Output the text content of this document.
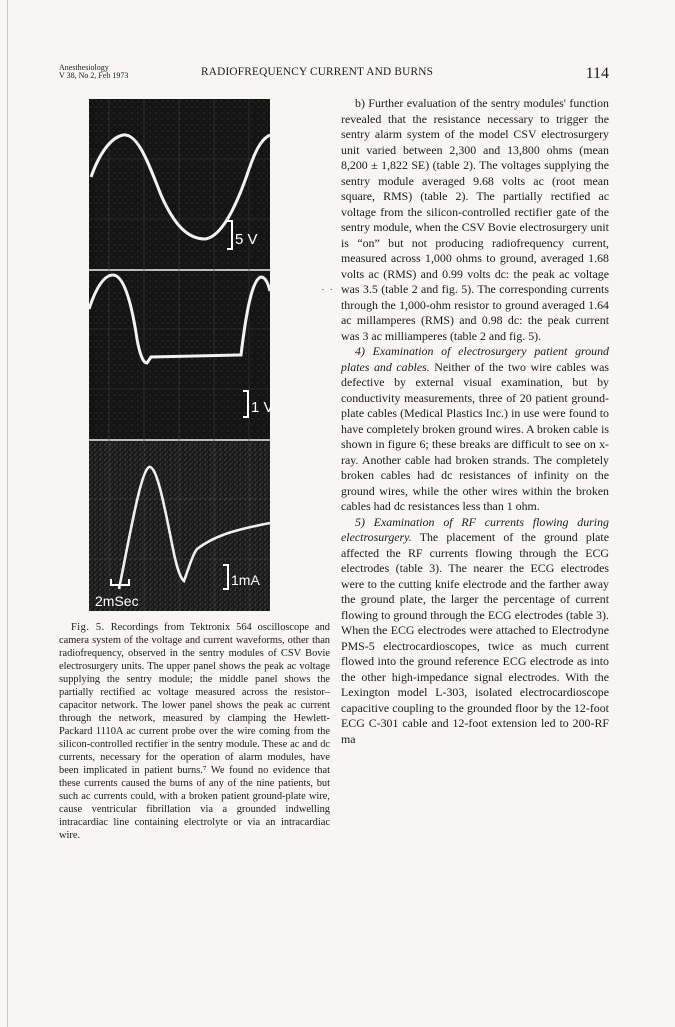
Anesthesiology
V 38, No 2, Feb 1973	RADIOFREQUENCY CURRENT AND BURNS	114
5 V
1 V
1mA
2mSec

Fig. 5. Recordings from Tektronix 564 oscilloscope and camera system of the voltage and current waveforms, other than radiofrequency, observed in the sentry modules of CSV Bovie electrosurgery units. The upper panel shows the peak ac voltage supplying the sentry module; the middle panel shows the partially rectified ac voltage measured across the resistor–capacitor network. The lower panel shows the peak ac current through the network, measured by clamping the Hewlett-Packard 1110A ac current probe over the wire coming from the silicon-controlled rectifier in the sentry module. These ac and dc currents, necessary for the operation of alarm modules, have been implicated in patient burns.⁷ We found no evidence that these currents caused the burns of any of the nine patients, but such ac currents could, with a broken patient ground-plate wire, cause ventricular fibrillation via a grounded indwelling intracardiac line containing electrolyte or via an intracardiac wire.

· ·

b) Further evaluation of the sentry modules' function revealed that the resistance necessary to trigger the sentry alarm system of the model CSV electrosurgery unit varied between 2,300 and 13,800 ohms (mean 8,200 ± 1,822 SE) (table 2). The voltages supplying the sentry module averaged 9.68 volts ac (root mean square, RMS) (table 2). The partially rectified ac voltage from the silicon-controlled rectifier gate of the sentry module, when the CSV Bovie electrosurgery unit is “on” but not producing radiofrequency current, measured across 1,000 ohms to ground, averaged 1.68 volts ac (RMS) and 0.99 volts dc: the peak ac voltage was 3.5 (table 2 and fig. 5). The corresponding currents through the 1,000-ohm resistor to ground averaged 1.64 ac millamperes (RMS) and 0.98 dc: the peak current was 3 ac milliamperes (table 2 and fig. 5).

4) Examination of electrosurgery patient ground plates and cables. Neither of the two wire cables was defective by external visual examination, but by conductivity measurements, three of 20 patient ground-plate cables (Medical Plastics Inc.) in use were found to have completely broken ground wires. A broken cable is shown in figure 6; these breaks are difficult to see on x-ray. Another cable had broken strands. The completely broken cables had dc resistances of infinity on the ground wires, while the other wires within the broken cables had dc resistances less than 1 ohm.

5) Examination of RF currents flowing during electrosurgery. The placement of the ground plate affected the RF currents flowing through the ECG electrodes (table 3). The nearer the ECG electrodes were to the cutting knife electrode and the farther away the ground plate, the larger the percentage of current flowing to ground through the ECG electrodes (table 3). When the ECG electrodes were attached to Electrodyne PMS-5 electrocardioscopes, twice as much current flowed into the ground reference ECG electrode as into the other high-impedance signal electrodes. With the Lexington model L-303, isolated electrocardioscope capacitive coupling to the grounded floor by the 12-foot ECG C-301 cable and 12-foot extension led to 200-RF ma
